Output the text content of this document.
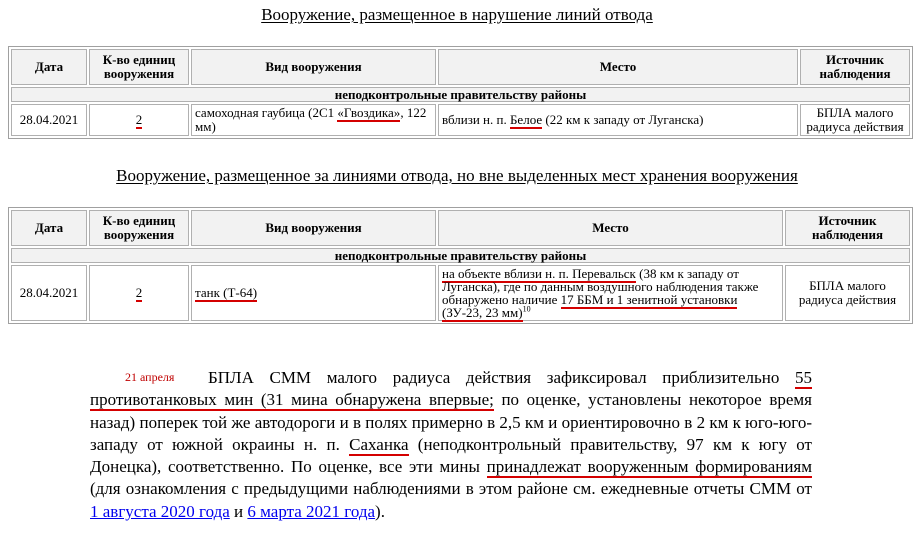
Вооружение, размещенное в нарушение линий отвода
Дата	К-во единиц вооружения	Вид вооружения	Место	Источник наблюдения
неподконтрольные правительству районы				
28.04.2021	2	самоходная гаубица (2С1 «Гвоздика», 122 мм)	вблизи н. п. Белое (22 км к западу от Луганска)	БПЛА малого радиуса действия
Вооружение, размещенное за линиями отвода, но вне выделенных мест хранения вооружения
Дата	К-во единиц вооружения	Вид вооружения	Место	Источник наблюдения
неподконтрольные правительству районы				
28.04.2021	2	танк (Т-64)	на объекте вблизи н. п. Перевальск (38 км к западу от Луганска), где по данным воздушного наблюдения также обнаружено наличие 17 ББМ и 1 зенитной установки (ЗУ-23, 23 мм)$^{10}$	БПЛА малого радиуса действия
21 апреля	БПЛА СММ малого радиуса действия зафиксировал приблизительно 55 противотанковых мин (31 мина обнаружена впервые; по оценке, установлены некоторое время назад) поперек той же автодороги и в полях примерно в 2,5 км и ориентировочно в 2 км к юго-юго-западу от южной окраины н. п. Саханка (неподконтрольный правительству, 97 км к югу от Донецка), соответственно. По оценке, все эти мины принадлежат вооруженным формированиям (для ознакомления с предыдущими наблюдениями в этом районе см. ежедневные отчеты СММ от 1 августа 2020 года и 6 марта 2021 года).
